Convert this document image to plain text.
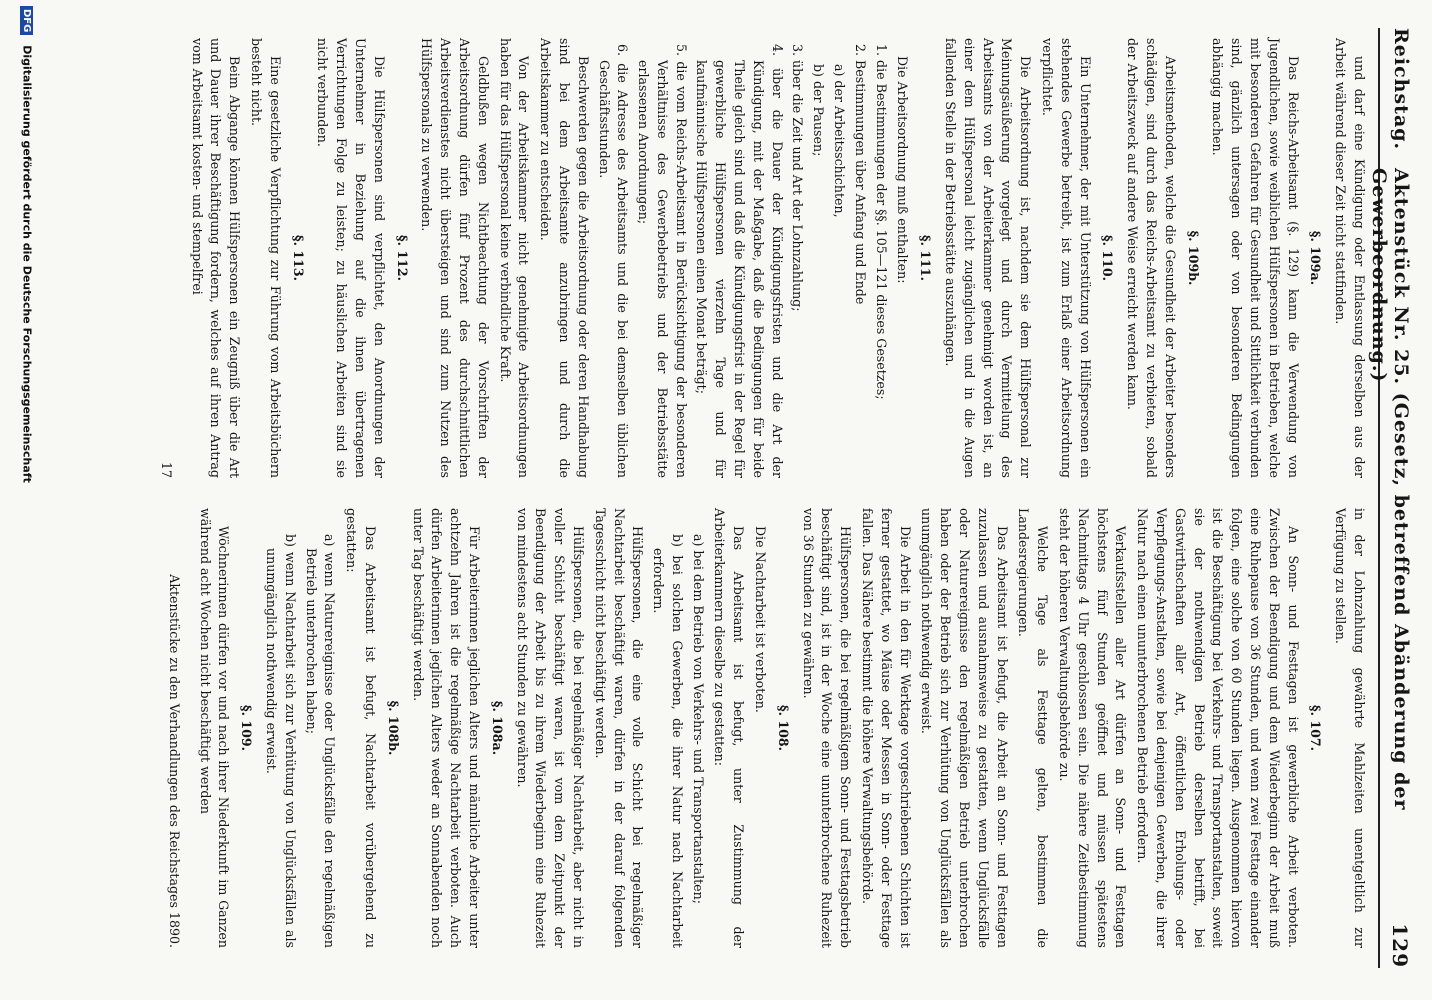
Reichstag.
Aktenstück Nr. 25. (Gesetz, betreffend Abänderung der Gewerbeordnung.)
129

und darf eine Kündigung oder Entlassung derselben aus der Arbeit während dieser Zeit nicht stattfinden.

§. 109a.

Das Reichs-Arbeitsamt (§. 129) kann die Verwendung von Jugendlichen, sowie weiblichen Hülfspersonen in Betrieben, welche mit besonderen Gefahren für Gesundheit und Sittlichkeit verbunden sind, gänzlich untersagen oder von besonderen Bedingungen abhängig machen.

§. 109b.

Arbeitsmethoden, welche die Gesundheit der Arbeiter besonders schädigen, sind durch das Reichs-Arbeitsamt zu verbieten, sobald der Arbeitszweck auf andere Weise erreicht werden kann.

§. 110.

Ein Unternehmer, der mit Unterstützung von Hülfspersonen ein stehendes Gewerbe betreibt, ist zum Erlaß einer Arbeitsordnung verpflichtet.

Die Arbeitsordnung ist, nachdem sie dem Hülfspersonal zur Meinungsäußerung vorgelegt und durch Vermittelung des Arbeitsamts von der Arbeiterkammer genehmigt worden ist, an einer dem Hülfspersonal leicht zugänglichen und in die Augen fallenden Stelle in der Betriebsstätte auszuhängen.

§. 111.

Die Arbeitsordnung muß enthalten:

1. die Bestimmungen der §§. 105—121 dieses Gesetzes;

2. Bestimmungen über Anfang und Ende

a) der Arbeitsschichten,

b) der Pausen;

3. über die Zeit und Art der Lohnzahlung;

4. über die Dauer der Kündigungsfristen und die Art der Kündigung, mit der Maßgabe, daß die Bedingungen für beide Theile gleich sind und daß die Kündigungsfrist in der Regel für gewerbliche Hülfspersonen vierzehn Tage und für kaufmännische Hülfspersonen einen Monat beträgt;

5. die vom Reichs-Arbeitsamt in Berücksichtigung der besonderen Verhältnisse des Gewerbebetriebs und der Betriebsstätte erlassenen Anordnungen;

6. die Adresse des Arbeitsamts und die bei demselben üblichen Geschäftsstunden.

Beschwerden gegen die Arbeitsordnung oder deren Handhabung sind bei dem Arbeitsamte anzubringen und durch die Arbeitskammer zu entscheiden.

Von der Arbeitskammer nicht genehmigte Arbeitsordnungen haben für das Hülfspersonal keine verbindliche Kraft.

Geldbußen wegen Nichtbeachtung der Vorschriften der Arbeitsordnung dürfen fünf Prozent des durchschnittlichen Arbeitsverdienstes nicht übersteigen und sind zum Nutzen des Hülfspersonals zu verwenden.

§. 112.

Die Hülfspersonen sind verpflichtet, den Anordnungen der Unternehmer in Beziehung auf die ihnen übertragenen Verrichtungen Folge zu leisten; zu häuslichen Arbeiten sind sie nicht verbunden.

§. 113.

Eine gesetzliche Verpflichtung zur Führung vom Arbeitsbüchern besteht nicht.

Beim Abgange können Hülfspersonen ein Zeugniß über die Art und Dauer ihrer Beschäftigung fordern, welches auf ihren Antrag vom Arbeitsamt kosten- und stempelfrei

17

in der Lohnzahlung gewährte Mahlzeiten unentgeltlich zur Verfügung zu stellen.

§. 107.

An Sonn- und Festtagen ist gewerbliche Arbeit verboten. Zwischen der Beendigung und dem Wiederbeginn der Arbeit muß eine Ruhepause von 36 Stunden, und wenn zwei Festtage einander folgen, eine solche von 60 Stunden liegen. Ausgenommen hiervon ist die Beschäftigung bei Verkehrs- und Transportanstalten, soweit sie der nothwendigen Betrieb derselben betrifft, bei Gastwirthschaften aller Art, öffentlichen Erholungs- oder Verpflegungs-Anstalten, sowie bei denjenigen Gewerben, die ihrer Natur nach einen ununterbrochenen Betrieb erfordern.

Verkaufsstellen aller Art dürfen an Sonn- und Festtagen höchstens fünf Stunden geöffnet und müssen spätestens Nachmittags 4 Uhr geschlossen sein. Die nähere Zeitbestimmung steht der höheren Verwaltungsbehörde zu.

Welche Tage als Festtage gelten, bestimmen die Landesregierungen.

Das Arbeitsamt ist befugt, die Arbeit an Sonn- und Festtagen zuzulassen und ausnahmsweise zu gestatten, wenn Unglücksfälle oder Naturereignisse den regelmäßigen Betrieb unterbrochen haben oder der Betrieb sich zur Verhütung von Unglücksfällen als unumgänglich nothwendig erweist.

Die Arbeit in den für Werktage vorgeschriebenen Schichten ist ferner gestattet, wo Mäuse oder Messen in Sonn- oder Festtage fallen. Das Nähere bestimmt die höhere Verwaltungsbehörde.

Hülfspersonen, die bei regelmäßigem Sonn- und Festtagsbetrieb beschäftigt sind, ist in der Woche eine ununterbrochene Ruhezeit von 36 Stunden zu gewähren.

§. 108.

Die Nachtarbeit ist verboten.

Das Arbeitsamt ist befugt, unter Zustimmung der Arbeiterkammern dieselbe zu gestatten:

a) bei dem Betrieb von Verkehrs- und Transportanstalten;

b) bei solchen Gewerben, die ihrer Natur nach Nachtarbeit erfordern.

Hülfspersonen, die eine volle Schicht bei regelmäßiger Nachtarbeit beschäftigt waren, dürfen in der darauf folgenden Tagesschicht nicht beschäftigt werden.

Hülfspersonen, die bei regelmäßiger Nachtarbeit, aber nicht in voller Schicht beschäftigt waren, ist vom dem Zeitpunkt der Beendigung der Arbeit bis zu ihrem Wiederbeginn eine Ruhezeit von mindestens acht Stunden zu gewähren.

§. 108a.

Für Arbeiterinnen jeglichen Alters und männliche Arbeiter unter achtzehn Jahren ist die regelmäßige Nachtarbeit verboten. Auch dürfen Arbeiterinnen jeglichen Alters weder an Sonnabenden noch unter Tag beschäftigt werden.

§. 108b.

Das Arbeitsamt ist befugt, Nachtarbeit vorübergehend zu gestatten:

a) wenn Naturereignisse oder Unglücksfälle den regelmäßigen Betrieb unterbrochen haben;

b) wenn Nachtarbeit sich zur Verhütung von Unglücksfällen als unumgänglich nothwendig erweist.

§. 109.

Wöchnerinnen dürfen vor und nach ihrer Niederkunft im Ganzen während acht Wochen nicht beschäftigt werden

Aktenstücke zu den Verhandlungen des Reichstages 1890.

DFG Digitalisierung gefördert durch die Deutsche Forschungsgemeinschaft
